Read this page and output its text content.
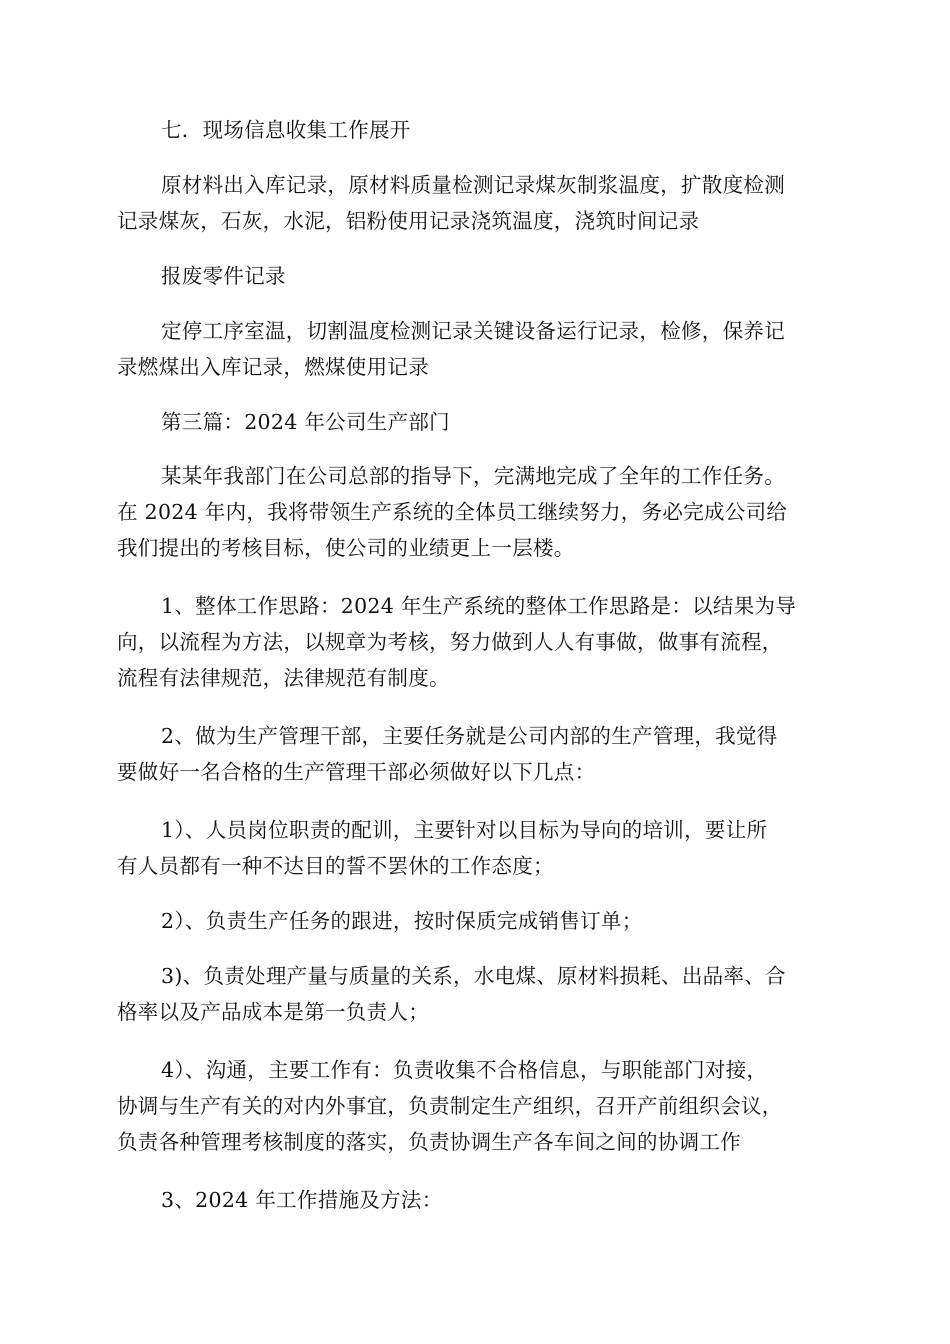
七．现场信息收集工作展开

原材料出入库记录，原材料质量检测记录煤灰制浆温度，扩散度检测
记录煤灰，石灰，水泥，铝粉使用记录浇筑温度，浇筑时间记录

报废零件记录

定停工序室温，切割温度检测记录关键设备运行记录，检修，保养记
录燃煤出入库记录，燃煤使用记录

第三篇：2024 年公司生产部门

某某年我部门在公司总部的指导下，完满地完成了全年的工作任务。
在 2024 年内，我将带领生产系统的全体员工继续努力，务必完成公司给
我们提出的考核目标，使公司的业绩更上一层楼。

1、整体工作思路：2024 年生产系统的整体工作思路是：以结果为导
向，以流程为方法，以规章为考核，努力做到人人有事做，做事有流程，
流程有法律规范，法律规范有制度。

2、做为生产管理干部，主要任务就是公司内部的生产管理，我觉得
要做好一名合格的生产管理干部必须做好以下几点：

1）、人员岗位职责的配训，主要针对以目标为导向的培训，要让所
有人员都有一种不达目的誓不罢休的工作态度；

2）、负责生产任务的跟进，按时保质完成销售订单；

3)、负责处理产量与质量的关系，水电煤、原材料损耗、出品率、合
格率以及产品成本是第一负责人；

4）、沟通，主要工作有：负责收集不合格信息，与职能部门对接，
协调与生产有关的对内外事宜，负责制定生产组织，召开产前组织会议，
负责各种管理考核制度的落实，负责协调生产各车间之间的协调工作

3、2024 年工作措施及方法：
